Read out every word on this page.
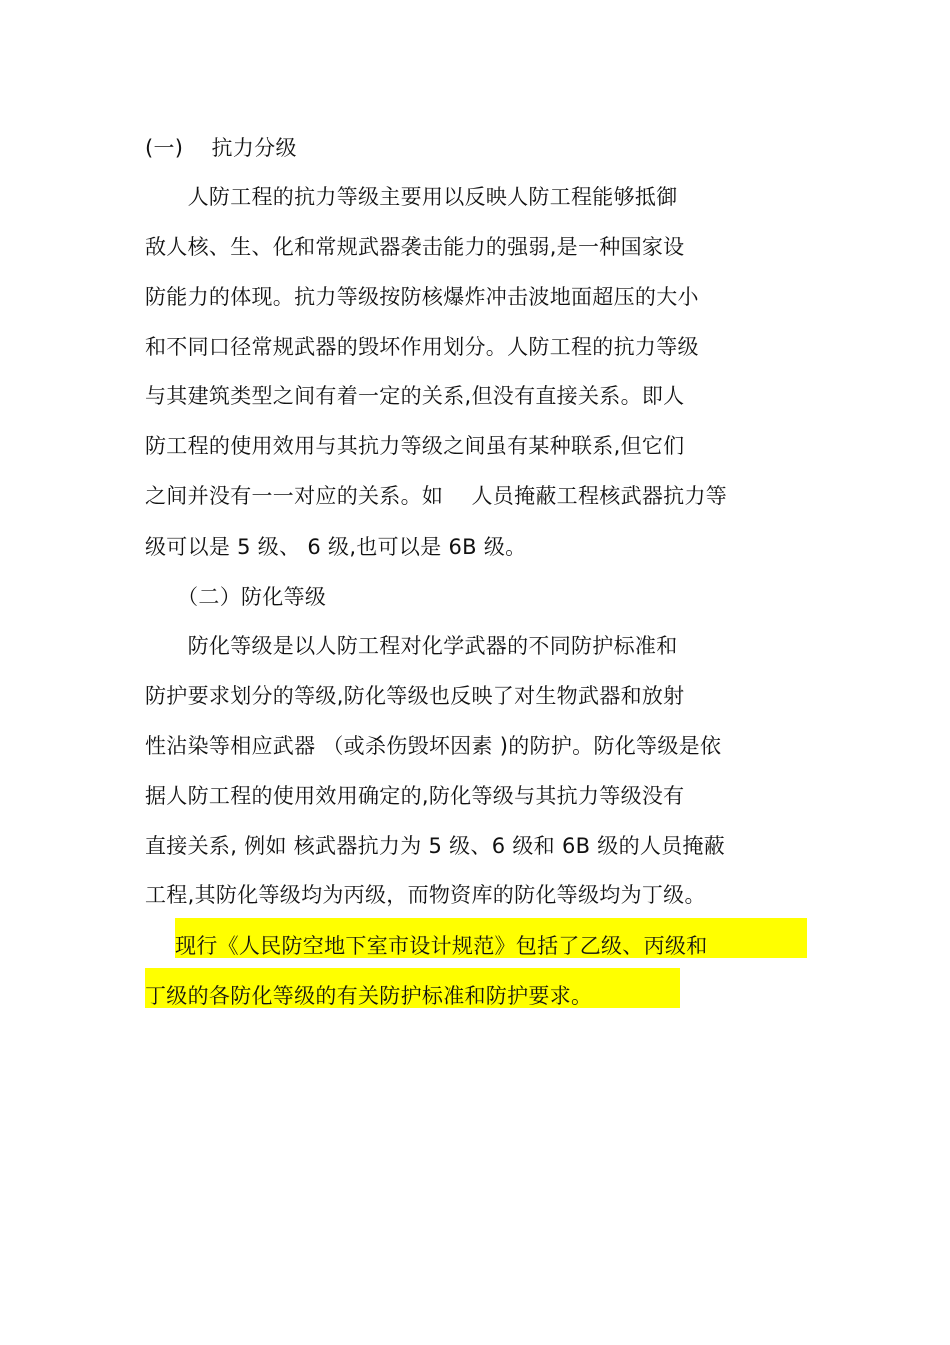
(一)　 抗力分级
　　人防工程的抗力等级主要用以反映人防工程能够抵御
敌人核、生、化和常规武器袭击能力的强弱,是一种国家设
防能力的体现。抗力等级按防核爆炸冲击波地面超压的大小
和不同口径常规武器的毁坏作用划分。人防工程的抗力等级
与其建筑类型之间有着一定的关系,但没有直接关系。即人
防工程的使用效用与其抗力等级之间虽有某种联系,但它们
之间并没有一一对应的关系。如　 人员掩蔽工程核武器抗力等
级可以是 5 级、 6 级,也可以是 6B 级。
　　（二）防化等级
　　防化等级是以人防工程对化学武器的不同防护标准和
防护要求划分的等级,防化等级也反映了对生物武器和放射
性沾染等相应武器 （或杀伤毁坏因素 )的防护。防化等级是依
据人防工程的使用效用确定的,防化等级与其抗力等级没有
直接关系, 例如 核武器抗力为 5 级、6 级和 6B 级的人员掩蔽
工程,其防化等级均为丙级，而物资库的防化等级均为丁级。
现行《人民防空地下室市设计规范》包括了乙级、丙级和
丁级的各防化等级的有关防护标准和防护要求。
